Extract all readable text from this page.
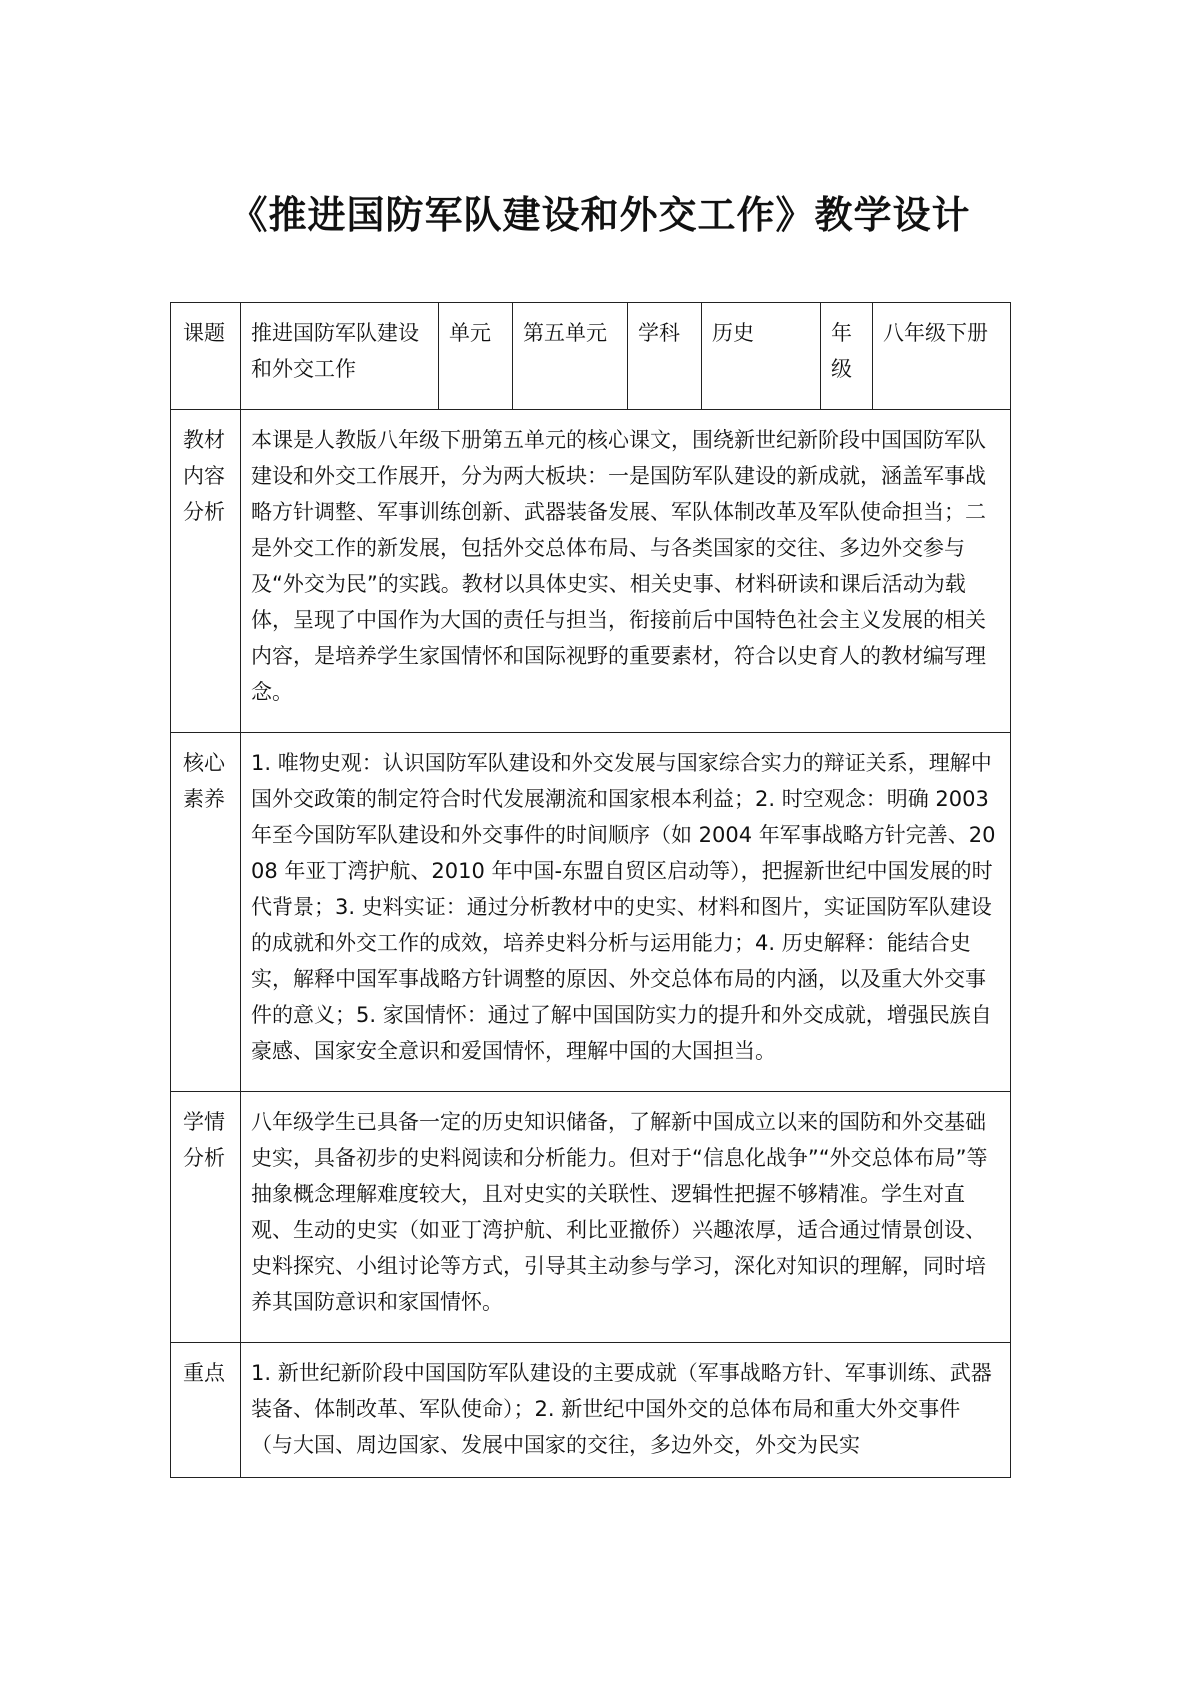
《推进国防军队建设和外交工作》教学设计
课题	推进国防军队建设和外交工作	单元	第五单元	学科	历史	年级	八年级下册
教材内容分析	本课是人教版八年级下册第五单元的核心课文，围绕新世纪新阶段中国国防军队建设和外交工作展开，分为两大板块：一是国防军队建设的新成就，涵盖军事战略方针调整、军事训练创新、武器装备发展、军队体制改革及军队使命担当；二是外交工作的新发展，包括外交总体布局、与各类国家的交往、多边外交参与及“外交为民”的实践。教材以具体史实、相关史事、材料研读和课后活动为载体，呈现了中国作为大国的责任与担当，衔接前后中国特色社会主义发展的相关内容，是培养学生家国情怀和国际视野的重要素材，符合以史育人的教材编写理念。						
核心素养	1. 唯物史观：认识国防军队建设和外交发展与国家综合实力的辩证关系，理解中国外交政策的制定符合时代发展潮流和国家根本利益；2. 时空观念：明确 2003 年至今国防军队建设和外交事件的时间顺序（如 2004 年军事战略方针完善、2008 年亚丁湾护航、2010 年中国-东盟自贸区启动等），把握新世纪中国发展的时代背景；3. 史料实证：通过分析教材中的史实、材料和图片，实证国防军队建设的成就和外交工作的成效，培养史料分析与运用能力；4. 历史解释：能结合史实，解释中国军事战略方针调整的原因、外交总体布局的内涵，以及重大外交事件的意义；5. 家国情怀：通过了解中国国防实力的提升和外交成就，增强民族自豪感、国家安全意识和爱国情怀，理解中国的大国担当。						
学情分析	八年级学生已具备一定的历史知识储备，了解新中国成立以来的国防和外交基础史实，具备初步的史料阅读和分析能力。但对于“信息化战争”“外交总体布局”等抽象概念理解难度较大，且对史实的关联性、逻辑性把握不够精准。学生对直观、生动的史实（如亚丁湾护航、利比亚撤侨）兴趣浓厚，适合通过情景创设、史料探究、小组讨论等方式，引导其主动参与学习，深化对知识的理解，同时培养其国防意识和家国情怀。						
重点	1. 新世纪新阶段中国国防军队建设的主要成就（军事战略方针、军事训练、武器装备、体制改革、军队使命）；2. 新世纪中国外交的总体布局和重大外交事件（与大国、周边国家、发展中国家的交往，多边外交，外交为民实						
